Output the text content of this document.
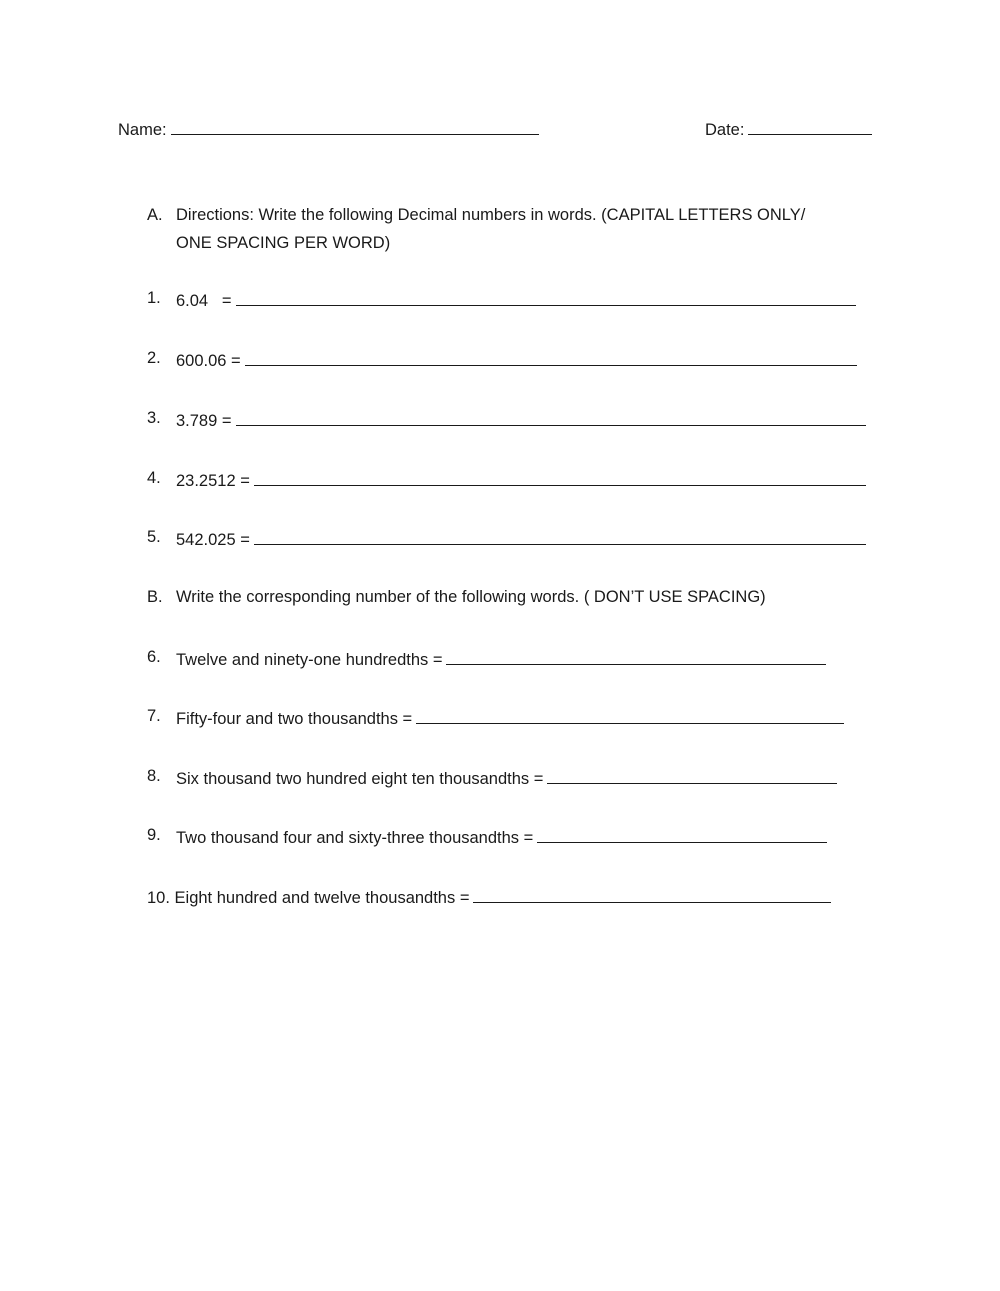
Name:	Date:
A. Directions: Write the following Decimal numbers in words. (CAPITAL LETTERS ONLY/
ONE SPACING PER WORD)
1. 6.04   =
2. 600.06 =
3. 3.789 =
4. 23.2512 =
5. 542.025 =
B. Write the corresponding number of the following words. ( DON’T USE SPACING)
6. Twelve and ninety-one hundredths =
7. Fifty-four and two thousandths =
8. Six thousand two hundred eight ten thousandths =
9. Two thousand four and sixty-three thousandths =
10. Eight hundred and twelve thousandths =
